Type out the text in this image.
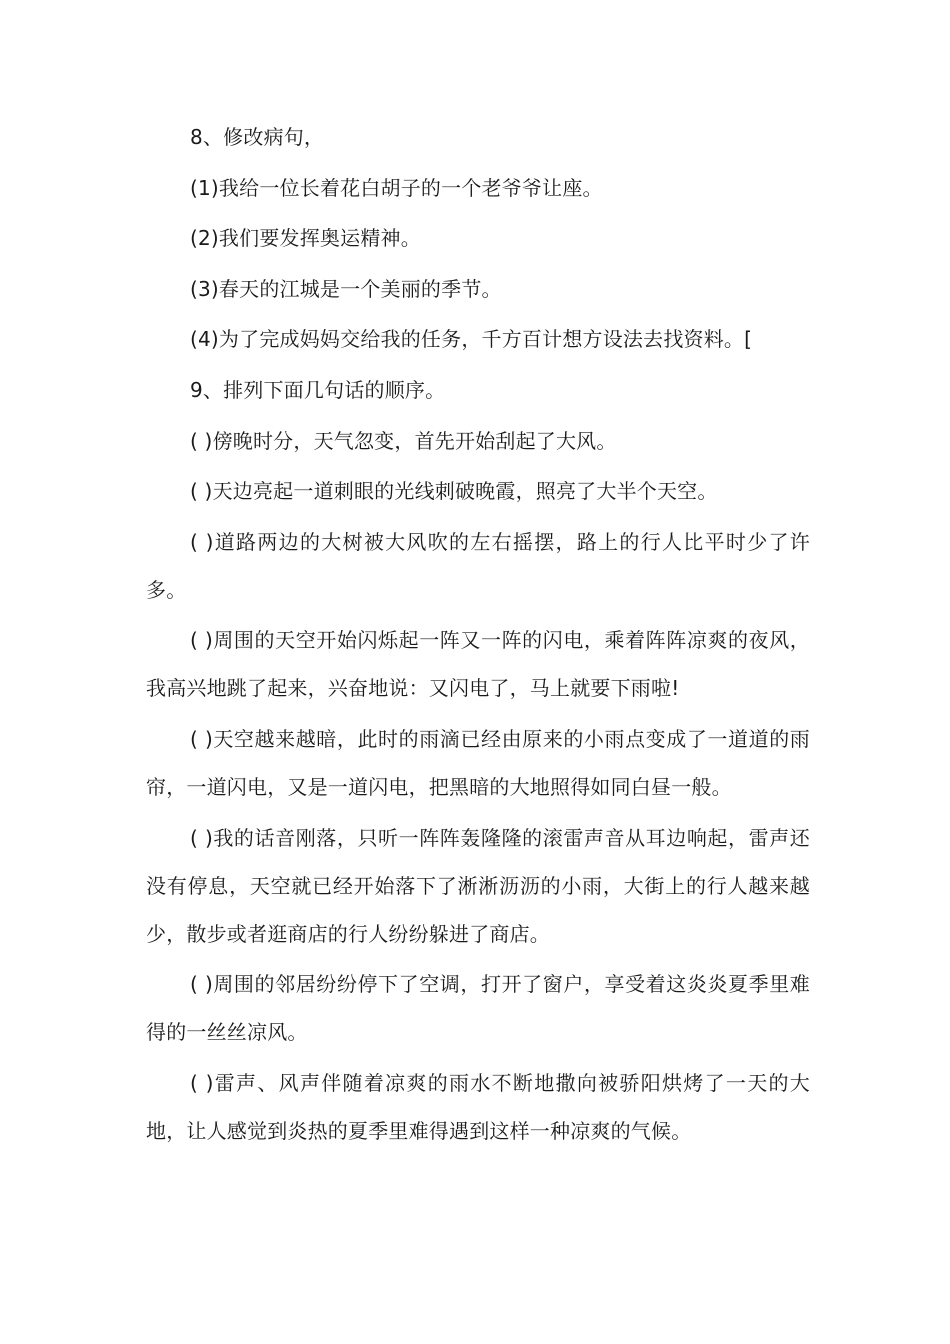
8、修改病句，

(1)我给一位长着花白胡子的一个老爷爷让座。

(2)我们要发挥奥运精神。

(3)春天的江城是一个美丽的季节。

(4)为了完成妈妈交给我的任务，千方百计想方设法去找资料。[

9、排列下面几句话的顺序。

( )傍晚时分，天气忽变，首先开始刮起了大风。

( )天边亮起一道刺眼的光线刺破晚霞，照亮了大半个天空。

( )道路两边的大树被大风吹的左右摇摆，路上的行人比平时少了许多。

( )周围的天空开始闪烁起一阵又一阵的闪电，乘着阵阵凉爽的夜风，我高兴地跳了起来，兴奋地说：又闪电了，马上就要下雨啦!

( )天空越来越暗，此时的雨滴已经由原来的小雨点变成了一道道的雨帘，一道闪电，又是一道闪电，把黑暗的大地照得如同白昼一般。

( )我的话音刚落，只听一阵阵轰隆隆的滚雷声音从耳边响起，雷声还没有停息，天空就已经开始落下了淅淅沥沥的小雨，大街上的行人越来越少，散步或者逛商店的行人纷纷躲进了商店。

( )周围的邻居纷纷停下了空调，打开了窗户，享受着这炎炎夏季里难得的一丝丝凉风。

( )雷声、风声伴随着凉爽的雨水不断地撒向被骄阳烘烤了一天的大地，让人感觉到炎热的夏季里难得遇到这样一种凉爽的气候。
